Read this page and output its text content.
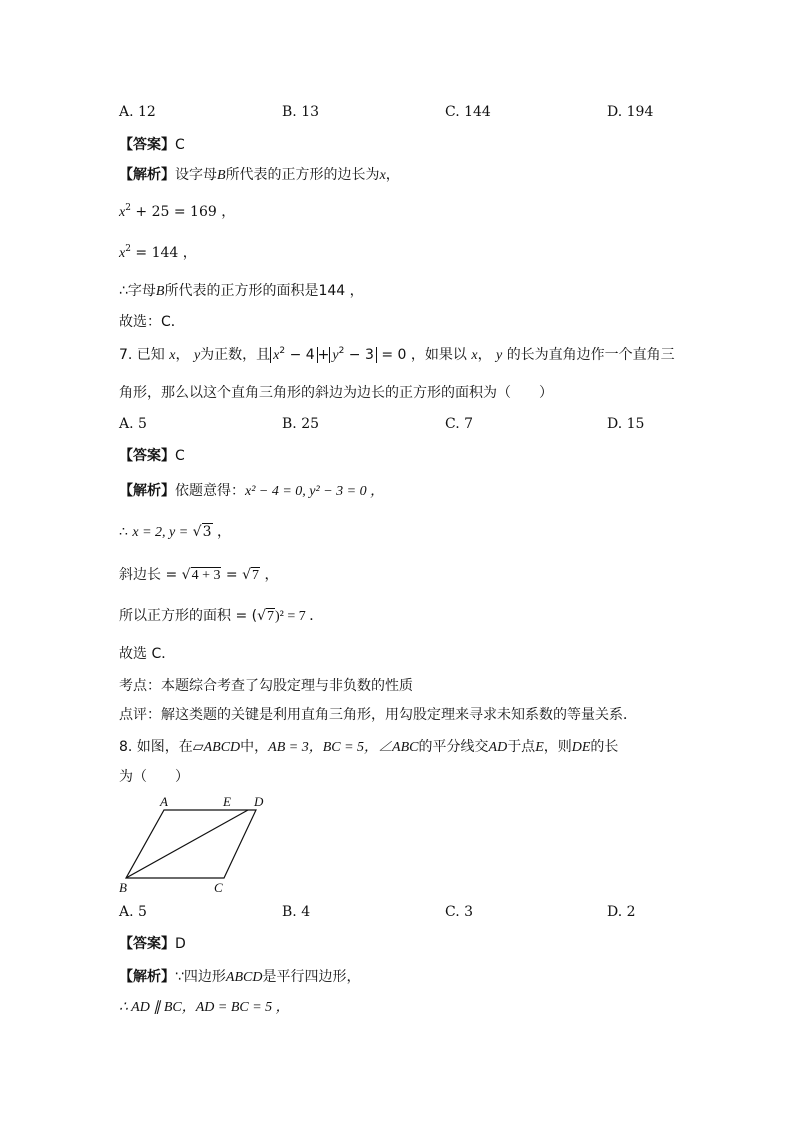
A. 12	B. 13	C. 144	D. 194
【答案】C
【解析】设字母B所代表的正方形的边长为x，
$x^2 + 25 = 169$ ，
$x^2 = 144$ ，
∴字母B所代表的正方形的面积是144 ，
故选：C．
7. 已知 x， y为正数，且 $x^2 - 4 + y^2 - 3 = 0$ ，如果以 x， y 的长为直角边作一个直角三
角形，那么以这个直角三角形的斜边为边长的正方形的面积为（　　）
A. 5	B. 25	C. 7	D. 15
【答案】C
【解析】依题意得：x² − 4 = 0, y² − 3 = 0 ，
∴ x = 2, y = √3 ，
斜边长 = √4 + 3 = √7 ，
所以正方形的面积 = (√7)² = 7 ．
故选 C．
考点：本题综合考查了勾股定理与非负数的性质
点评：解这类题的关键是利用直角三角形，用勾股定理来寻求未知系数的等量关系．
8. 如图，在▱ABCD中，AB = 3，BC = 5，∠ABC的平分线交AD于点E，则DE的长
为（　　）
A	E D
B	C
A. 5	B. 4	C. 3	D. 2
【答案】D
【解析】∵四边形ABCD是平行四边形，
∴ AD ∥ BC，AD = BC = 5 ，
